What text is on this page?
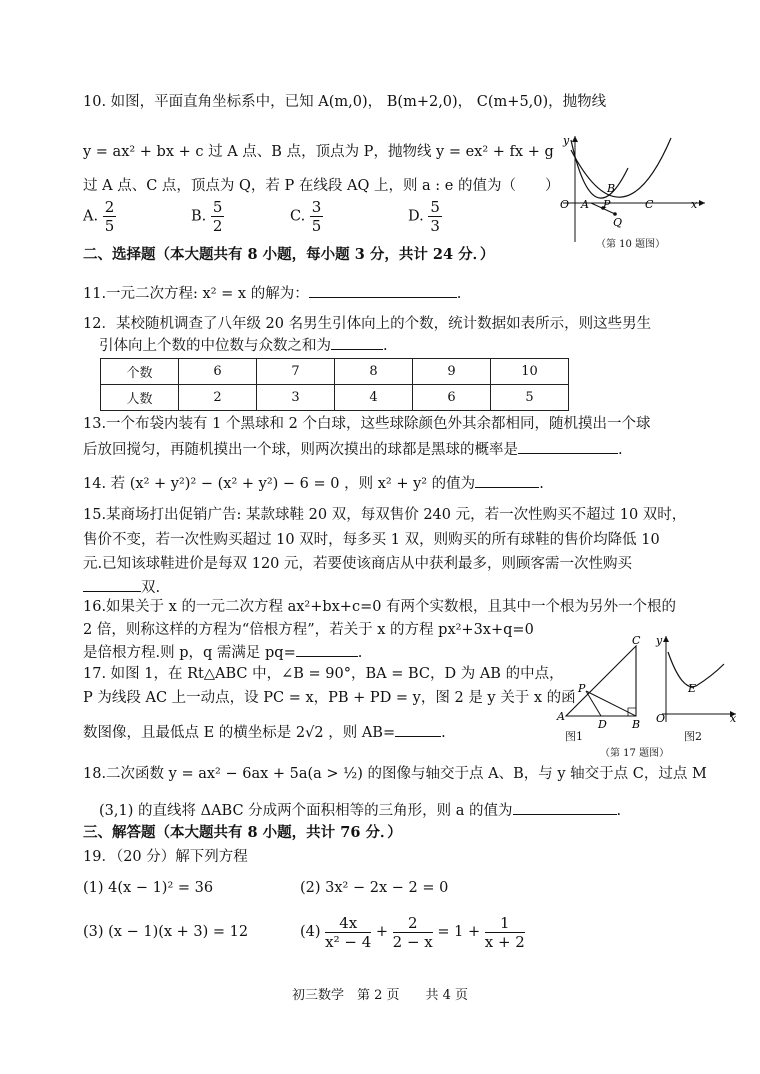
10. 如图，平面直角坐标系中，已知 A(m,0)， B(m+2,0)， C(m+5,0)，抛物线
y = ax² + bx + c 过 A 点、B 点，顶点为 P，抛物线 y = ex² + fx + g
过 A 点、C 点，顶点为 Q，若 P 在线段 AQ 上，则 a : e 的值为（　　）
A. $\frac{2}{5}$	B. $\frac{5}{2}$	C. $\frac{3}{5}$	D. $\frac{5}{3}$
y
O A P
B
Q
C	x
（第 10 题图）
二、选择题（本大题共有 8 小题，每小题 3 分，共计 24 分．）
11.一元二次方程: x² = x 的解为：	.
12．某校随机调查了八年级 20 名男生引体向上的个数，统计数据如表所示，则这些男生
引体向上个数的中位数与众数之和为	.
个数	6	7	8	9	10
人数	2	3	4	6	5
13.一个布袋内装有 1 个黑球和 2 个白球，这些球除颜色外其余都相同，随机摸出一个球
后放回搅匀，再随机摸出一个球，则两次摸出的球都是黑球的概率是	.
14. 若 (x² + y²)² − (x² + y²) − 6 = 0 ，则 x² + y² 的值为	.
15.某商场打出促销广告: 某款球鞋 20 双，每双售价 240 元，若一次性购买不超过 10 双时，
售价不变，若一次性购买超过 10 双时，每多买 1 双，则购买的所有球鞋的售价均降低 10
元.已知该球鞋进价是每双 120 元，若要使该商店从中获利最多，则顾客需一次性购买
双.
16.如果关于 x 的一元二次方程 ax²+bx+c=0 有两个实数根，且其中一个根为另外一个根的
2 倍，则称这样的方程为“倍根方程”，若关于 x 的方程 px²+3x+q=0
是倍根方程.则 p，q 需满足 pq=	.
17. 如图 1，在 Rt△ABC 中，∠B = 90°，BA = BC，D 为 AB 的中点，
P 为线段 AC 上一动点，设 PC = x，PB + PD = y，图 2 是 y 关于 x 的函
数图像，且最低点 E 的横坐标是 2√2 ，则 AB=	.
C
P
A
D B
y
E
O	x
图1	图2
（第 17 题图）
18.二次函数 y = ax² − 6ax + 5a(a > ½) 的图像与轴交于点 A、B，与 y 轴交于点 C，过点 M
(3,1) 的直线将 ΔABC 分成两个面积相等的三角形，则 a 的值为	.
三、解答题（本大题共有 8 小题，共计 76 分．）
19．（20 分）解下列方程
(1) 4(x − 1)² = 36	(2) 3x² − 2x − 2 = 0
(3) (x − 1)(x + 3) = 12	$(4) \frac{4x}{\text{x² − 4}} + \frac{2}{2 - x} = 1 + \frac{1}{x + 2}$
初三数学　第 2 页　　共 4 页
